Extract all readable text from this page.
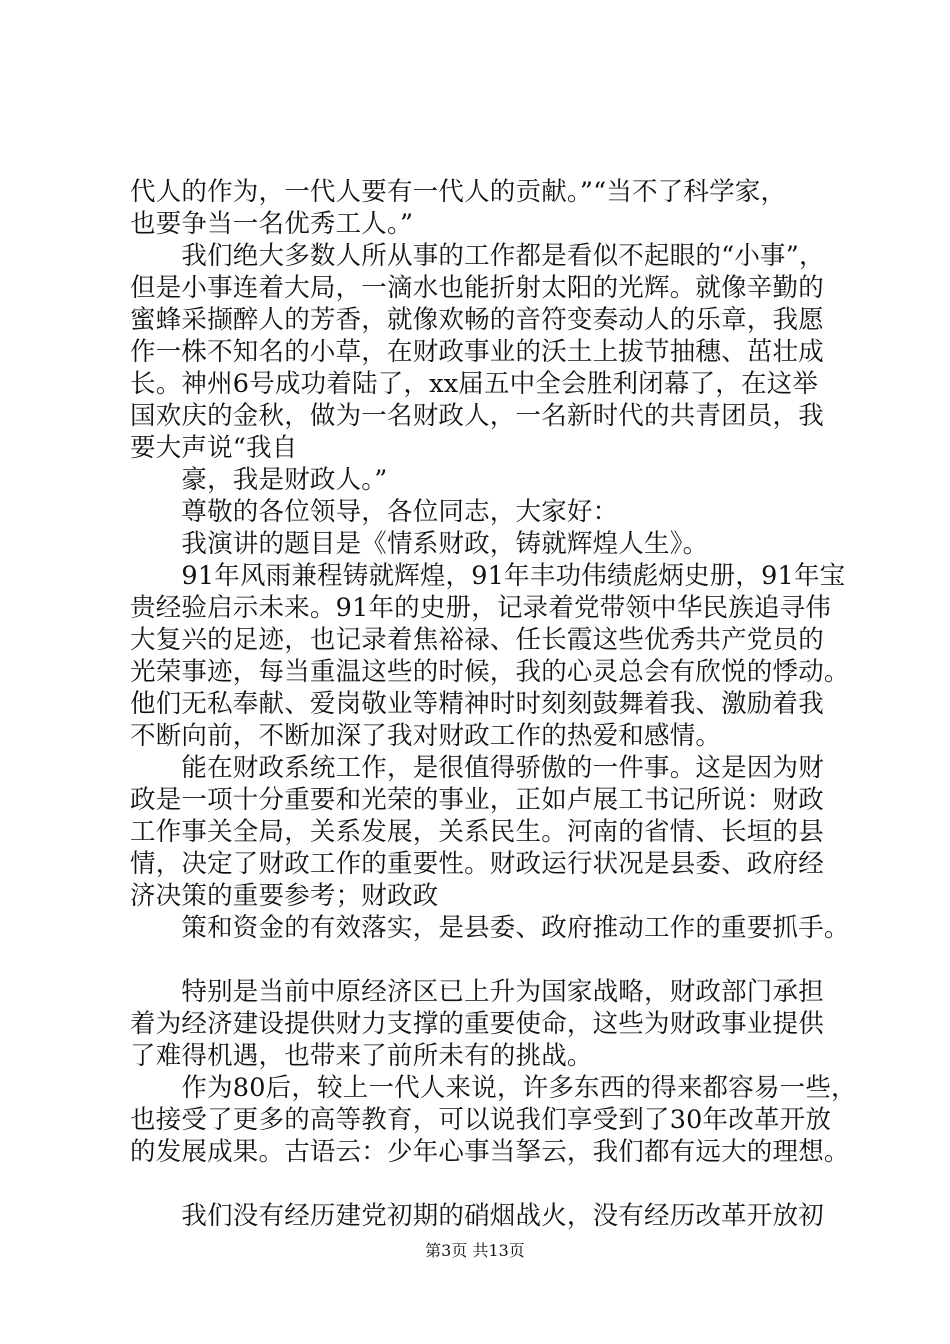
代人的作为，一代人要有一代人的贡献。”“当不了科学家，
也要争当一名优秀工人。”
　　我们绝大多数人所从事的工作都是看似不起眼的“小事”，
但是小事连着大局，一滴水也能折射太阳的光辉。就像辛勤的
蜜蜂采撷醉人的芳香，就像欢畅的音符变奏动人的乐章，我愿
作一株不知名的小草，在财政事业的沃土上拔节抽穗、茁壮成
长。神州6号成功着陆了，xx届五中全会胜利闭幕了，在这举
国欢庆的金秋，做为一名财政人，一名新时代的共青团员，我
要大声说“我自
　　豪，我是财政人。”
　　尊敬的各位领导，各位同志，大家好：
　　我演讲的题目是《情系财政，铸就辉煌人生》。
　　91年风雨兼程铸就辉煌，91年丰功伟绩彪炳史册，91年宝
贵经验启示未来。91年的史册，记录着党带领中华民族追寻伟
大复兴的足迹，也记录着焦裕禄、任长霞这些优秀共产党员的
光荣事迹，每当重温这些的时候，我的心灵总会有欣悦的悸动。
他们无私奉献、爱岗敬业等精神时时刻刻鼓舞着我、激励着我
不断向前，不断加深了我对财政工作的热爱和感情。
　　能在财政系统工作，是很值得骄傲的一件事。这是因为财
政是一项十分重要和光荣的事业，正如卢展工书记所说：财政
工作事关全局，关系发展，关系民生。河南的省情、长垣的县
情，决定了财政工作的重要性。财政运行状况是县委、政府经
济决策的重要参考；财政政
　　策和资金的有效落实，是县委、政府推动工作的重要抓手。
　　特别是当前中原经济区已上升为国家战略，财政部门承担
着为经济建设提供财力支撑的重要使命，这些为财政事业提供
了难得机遇，也带来了前所未有的挑战。
　　作为80后，较上一代人来说，许多东西的得来都容易一些，
也接受了更多的高等教育，可以说我们享受到了30年改革开放
的发展成果。古语云：少年心事当拏云，我们都有远大的理想。
　　我们没有经历建党初期的硝烟战火，没有经历改革开放初
第3页 共13页
